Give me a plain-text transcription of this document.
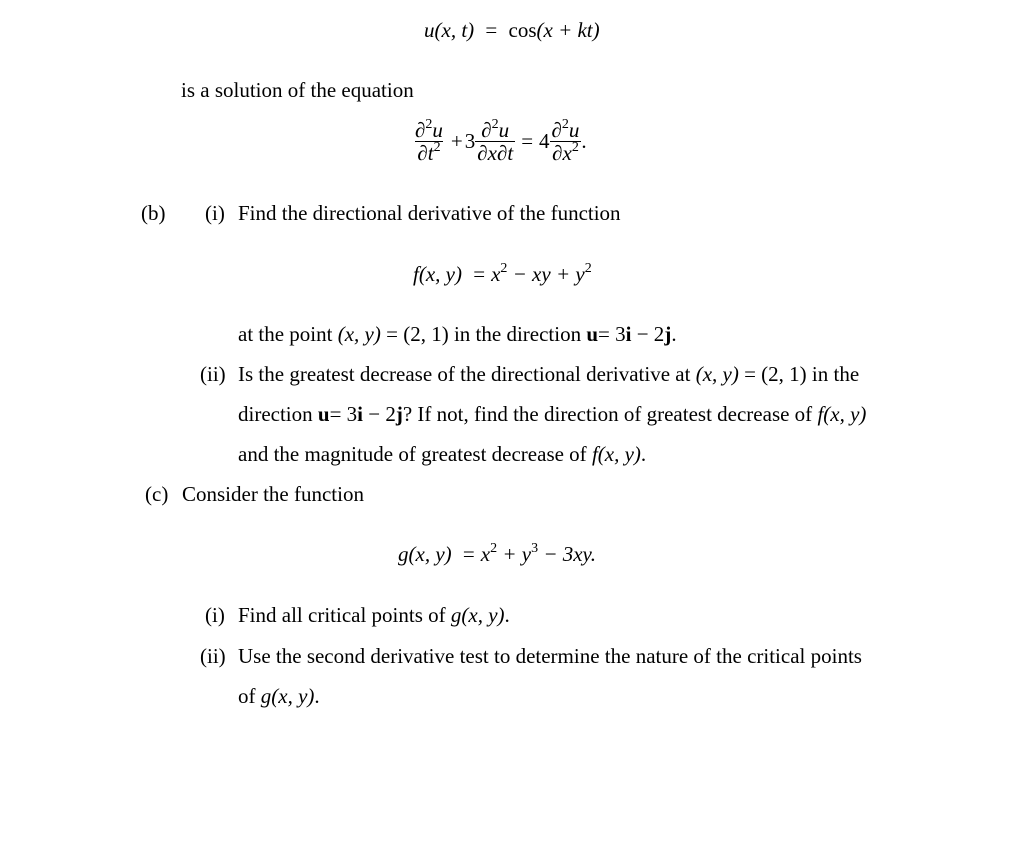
u(x, t) = cos(x + kt)
is a solution of the equation
$\frac{\partial^2u}{\partial t^2} + 3 \frac{\partial^2u}{\partial x\partial t} = 4 \frac{\partial^2u}{\partial x^2}$ .
(b) (i) Find the directional derivative of the function
f(x, $y) = x^2$ − xy + $y^2$
at the point (x, y) = (2, 1) in the direction u= 3i − 2j.
(ii) Is the greatest decrease of the directional derivative at (x, y) = (2, 1) in the
direction u= 3i − 2j? If not, find the direction of greatest decrease of f(x, y)
and the magnitude of greatest decrease of f(x, y).
(c) Consider the function
g(x, $y) = x^2 + y^3 - 3xy$.
(i) Find all critical points of g(x, y).
(ii) Use the second derivative test to determine the nature of the critical points
of g(x, y).
